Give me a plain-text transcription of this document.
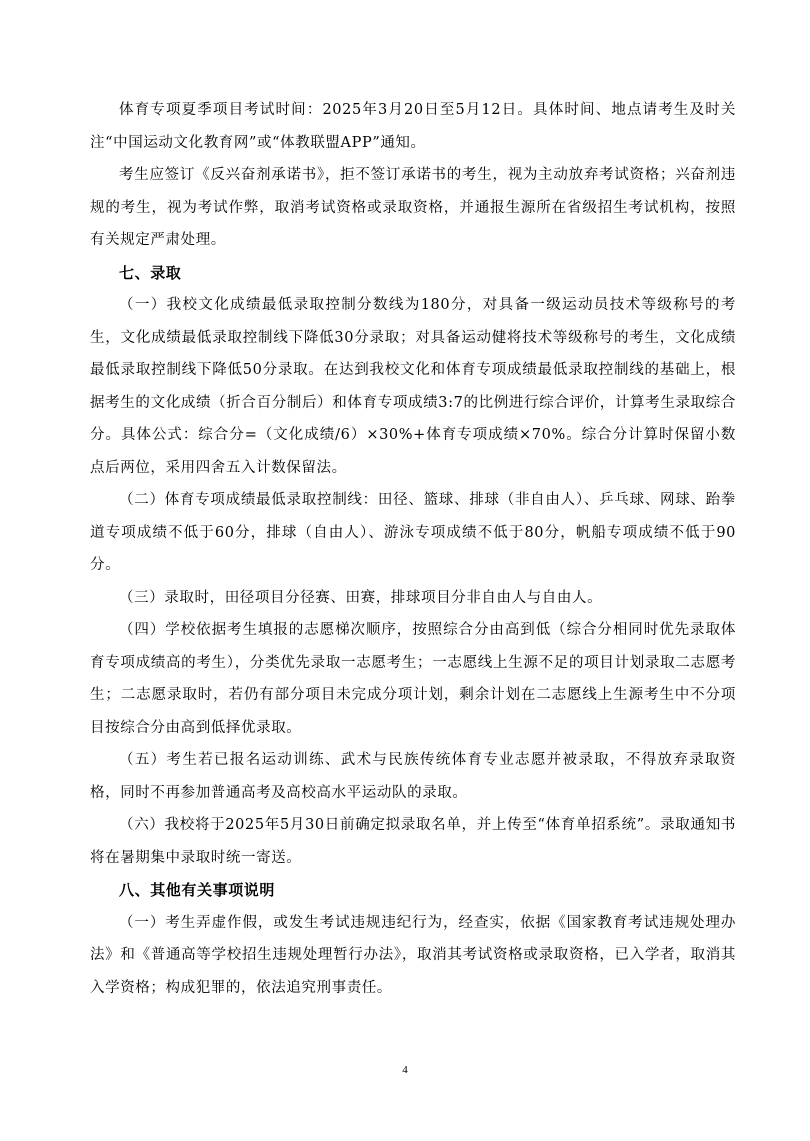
体育专项夏季项目考试时间：2025年3月20日至5月12日。具体时间、地点请考生及时关注“中国运动文化教育网”或“体教联盟APP”通知。

考生应签订《反兴奋剂承诺书》，拒不签订承诺书的考生，视为主动放弃考试资格；兴奋剂违规的考生，视为考试作弊，取消考试资格或录取资格，并通报生源所在省级招生考试机构，按照有关规定严肃处理。

七、录取

（一）我校文化成绩最低录取控制分数线为180分，对具备一级运动员技术等级称号的考生，文化成绩最低录取控制线下降低30分录取；对具备运动健将技术等级称号的考生，文化成绩最低录取控制线下降低50分录取。在达到我校文化和体育专项成绩最低录取控制线的基础上，根据考生的文化成绩（折合百分制后）和体育专项成绩3:7的比例进行综合评价，计算考生录取综合分。具体公式：综合分=（文化成绩/6）×30%+体育专项成绩×70%。综合分计算时保留小数点后两位，采用四舍五入计数保留法。

（二）体育专项成绩最低录取控制线：田径、篮球、排球（非自由人）、乒乓球、网球、跆拳道专项成绩不低于60分，排球（自由人）、游泳专项成绩不低于80分，帆船专项成绩不低于90分。

（三）录取时，田径项目分径赛、田赛，排球项目分非自由人与自由人。

（四）学校依据考生填报的志愿梯次顺序，按照综合分由高到低（综合分相同时优先录取体育专项成绩高的考生），分类优先录取一志愿考生；一志愿线上生源不足的项目计划录取二志愿考生；二志愿录取时，若仍有部分项目未完成分项计划，剩余计划在二志愿线上生源考生中不分项目按综合分由高到低择优录取。

（五）考生若已报名运动训练、武术与民族传统体育专业志愿并被录取，不得放弃录取资格，同时不再参加普通高考及高校高水平运动队的录取。

（六）我校将于2025年5月30日前确定拟录取名单，并上传至“体育单招系统”。录取通知书将在暑期集中录取时统一寄送。

八、其他有关事项说明

（一）考生弄虚作假，或发生考试违规违纪行为，经查实，依据《国家教育考试违规处理办法》和《普通高等学校招生违规处理暂行办法》，取消其考试资格或录取资格，已入学者，取消其入学资格；构成犯罪的，依法追究刑事责任。

4
